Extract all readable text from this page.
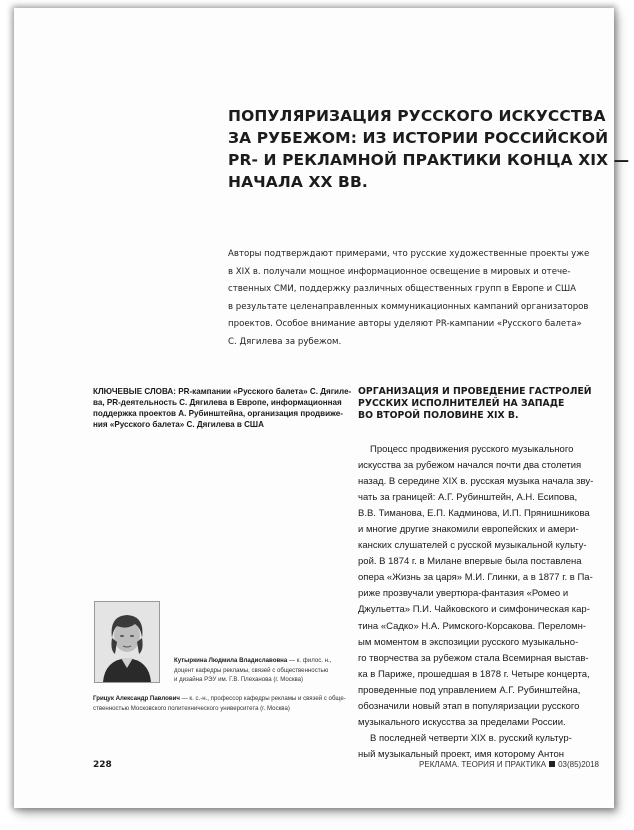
ПОПУЛЯРИЗАЦИЯ РУССКОГО ИСКУССТВА
ЗА РУБЕЖОМ: ИЗ ИСТОРИИ РОССИЙСКОЙ
PR- И РЕКЛАМНОЙ ПРАКТИКИ КОНЦА XIX —
НАЧАЛА XX ВВ.

Авторы подтверждают примерами, что русские художественные проекты уже
в XIX в. получали мощное информационное освещение в мировых и отече-
ственных СМИ, поддержку различных общественных групп в Европе и США
в результате целенаправленных коммуникационных кампаний организаторов
проектов. Особое внимание авторы уделяют PR-кампании «Русского балета»
С. Дягилева за рубежом.

КЛЮЧЕВЫЕ СЛОВА: PR-кампании «Русского балета» С. Дягиле-
ва, PR-деятельность С. Дягилева в Европе, информационная
поддержка проектов А. Рубинштейна, организация продвиже-
ния «Русского балета» С. Дягилева в США

ОРГАНИЗАЦИЯ И ПРОВЕДЕНИЕ ГАСТРОЛЕЙ
РУССКИХ ИСПОЛНИТЕЛЕЙ НА ЗАПАДЕ
ВО ВТОРОЙ ПОЛОВИНЕ XIX В.
Процесс продвижения русского музыкального
искусства за рубежом начался почти два столетия
назад. В середине XIX в. русская музыка начала зву-
чать за границей: А.Г. Рубинштейн, А.Н. Есипова,
В.В. Тиманова, Е.П. Кадминова, И.П. Прянишникова
и многие другие знакомили европейских и амери-
канских слушателей с русской музыкальной культу-
рой. В 1874 г. в Милане впервые была поставлена
опера «Жизнь за царя» М.И. Глинки, а в 1877 г. в Па-
риже прозвучали увертюра-фантазия «Ромео и
Джульетта» П.И. Чайковского и симфоническая кар-
тина «Садко» Н.А. Римского-Корсакова. Переломн-
ым моментом в экспозиции русского музыкально-
го творчества за рубежом стала Всемирная выстав-
ка в Париже, прошедшая в 1878 г. Четыре концерта,
проведенные под управлением А.Г. Рубинштейна,
обозначили новый этап в популяризации русского
музыкального искусства за пределами России.
В последней четверти XIX в. русский культур-
ный музыкальный проект, имя которому Антон

Кутыркина Людмила Владиславовна — к. филос. н.,
доцент кафедры рекламы, связей с общественностью
и дизайна РЭУ им. Г.В. Плеханова (г. Москва)

Грицук Александр Павлович — к. с.-н., профессор кафедры рекламы и связей с обще-
ственностью Московского политехнического университета (г. Москва)

228	РЕКЛАМА. ТЕОРИЯ И ПРАКТИКА 03(85)2018
